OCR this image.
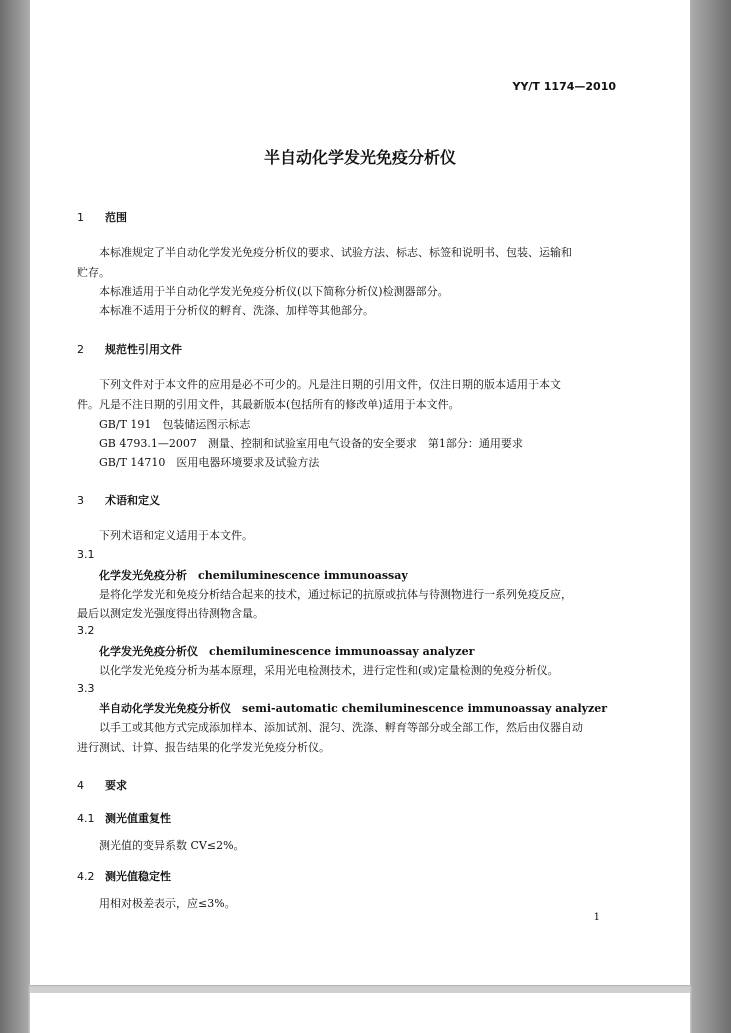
YY/T 1174—2010
半自动化学发光免疫分析仪
1 范围
本标准规定了半自动化学发光免疫分析仪的要求、试验方法、标志、标签和说明书、包装、运输和
贮存。
本标准适用于半自动化学发光免疫分析仪(以下简称分析仪)检测器部分。
本标准不适用于分析仪的孵育、洗涤、加样等其他部分。
2 规范性引用文件
下列文件对于本文件的应用是必不可少的。凡是注日期的引用文件，仅注日期的版本适用于本文
件。凡是不注日期的引用文件，其最新版本(包括所有的修改单)适用于本文件。
GB/T 191　包装储运图示标志
GB 4793.1—2007　测量、控制和试验室用电气设备的安全要求　第1部分：通用要求
GB/T 14710　医用电器环境要求及试验方法
3 术语和定义
下列术语和定义适用于本文件。
3.1
化学发光免疫分析　chemiluminescence immunoassay
是将化学发光和免疫分析结合起来的技术，通过标记的抗原或抗体与待测物进行一系列免疫反应，
最后以测定发光强度得出待测物含量。
3.2
化学发光免疫分析仪　chemiluminescence immunoassay analyzer
以化学发光免疫分析为基本原理，采用光电检测技术，进行定性和(或)定量检测的免疫分析仪。
3.3
半自动化学发光免疫分析仪　semi-automatic chemiluminescence immunoassay analyzer
以手工或其他方式完成添加样本、添加试剂、混匀、洗涤、孵育等部分或全部工作，然后由仪器自动
进行测试、计算、报告结果的化学发光免疫分析仪。
4 要求
4.1 测光值重复性
测光值的变异系数 CV≤2%。
4.2 测光值稳定性
用相对极差表示，应≤3%。
1
